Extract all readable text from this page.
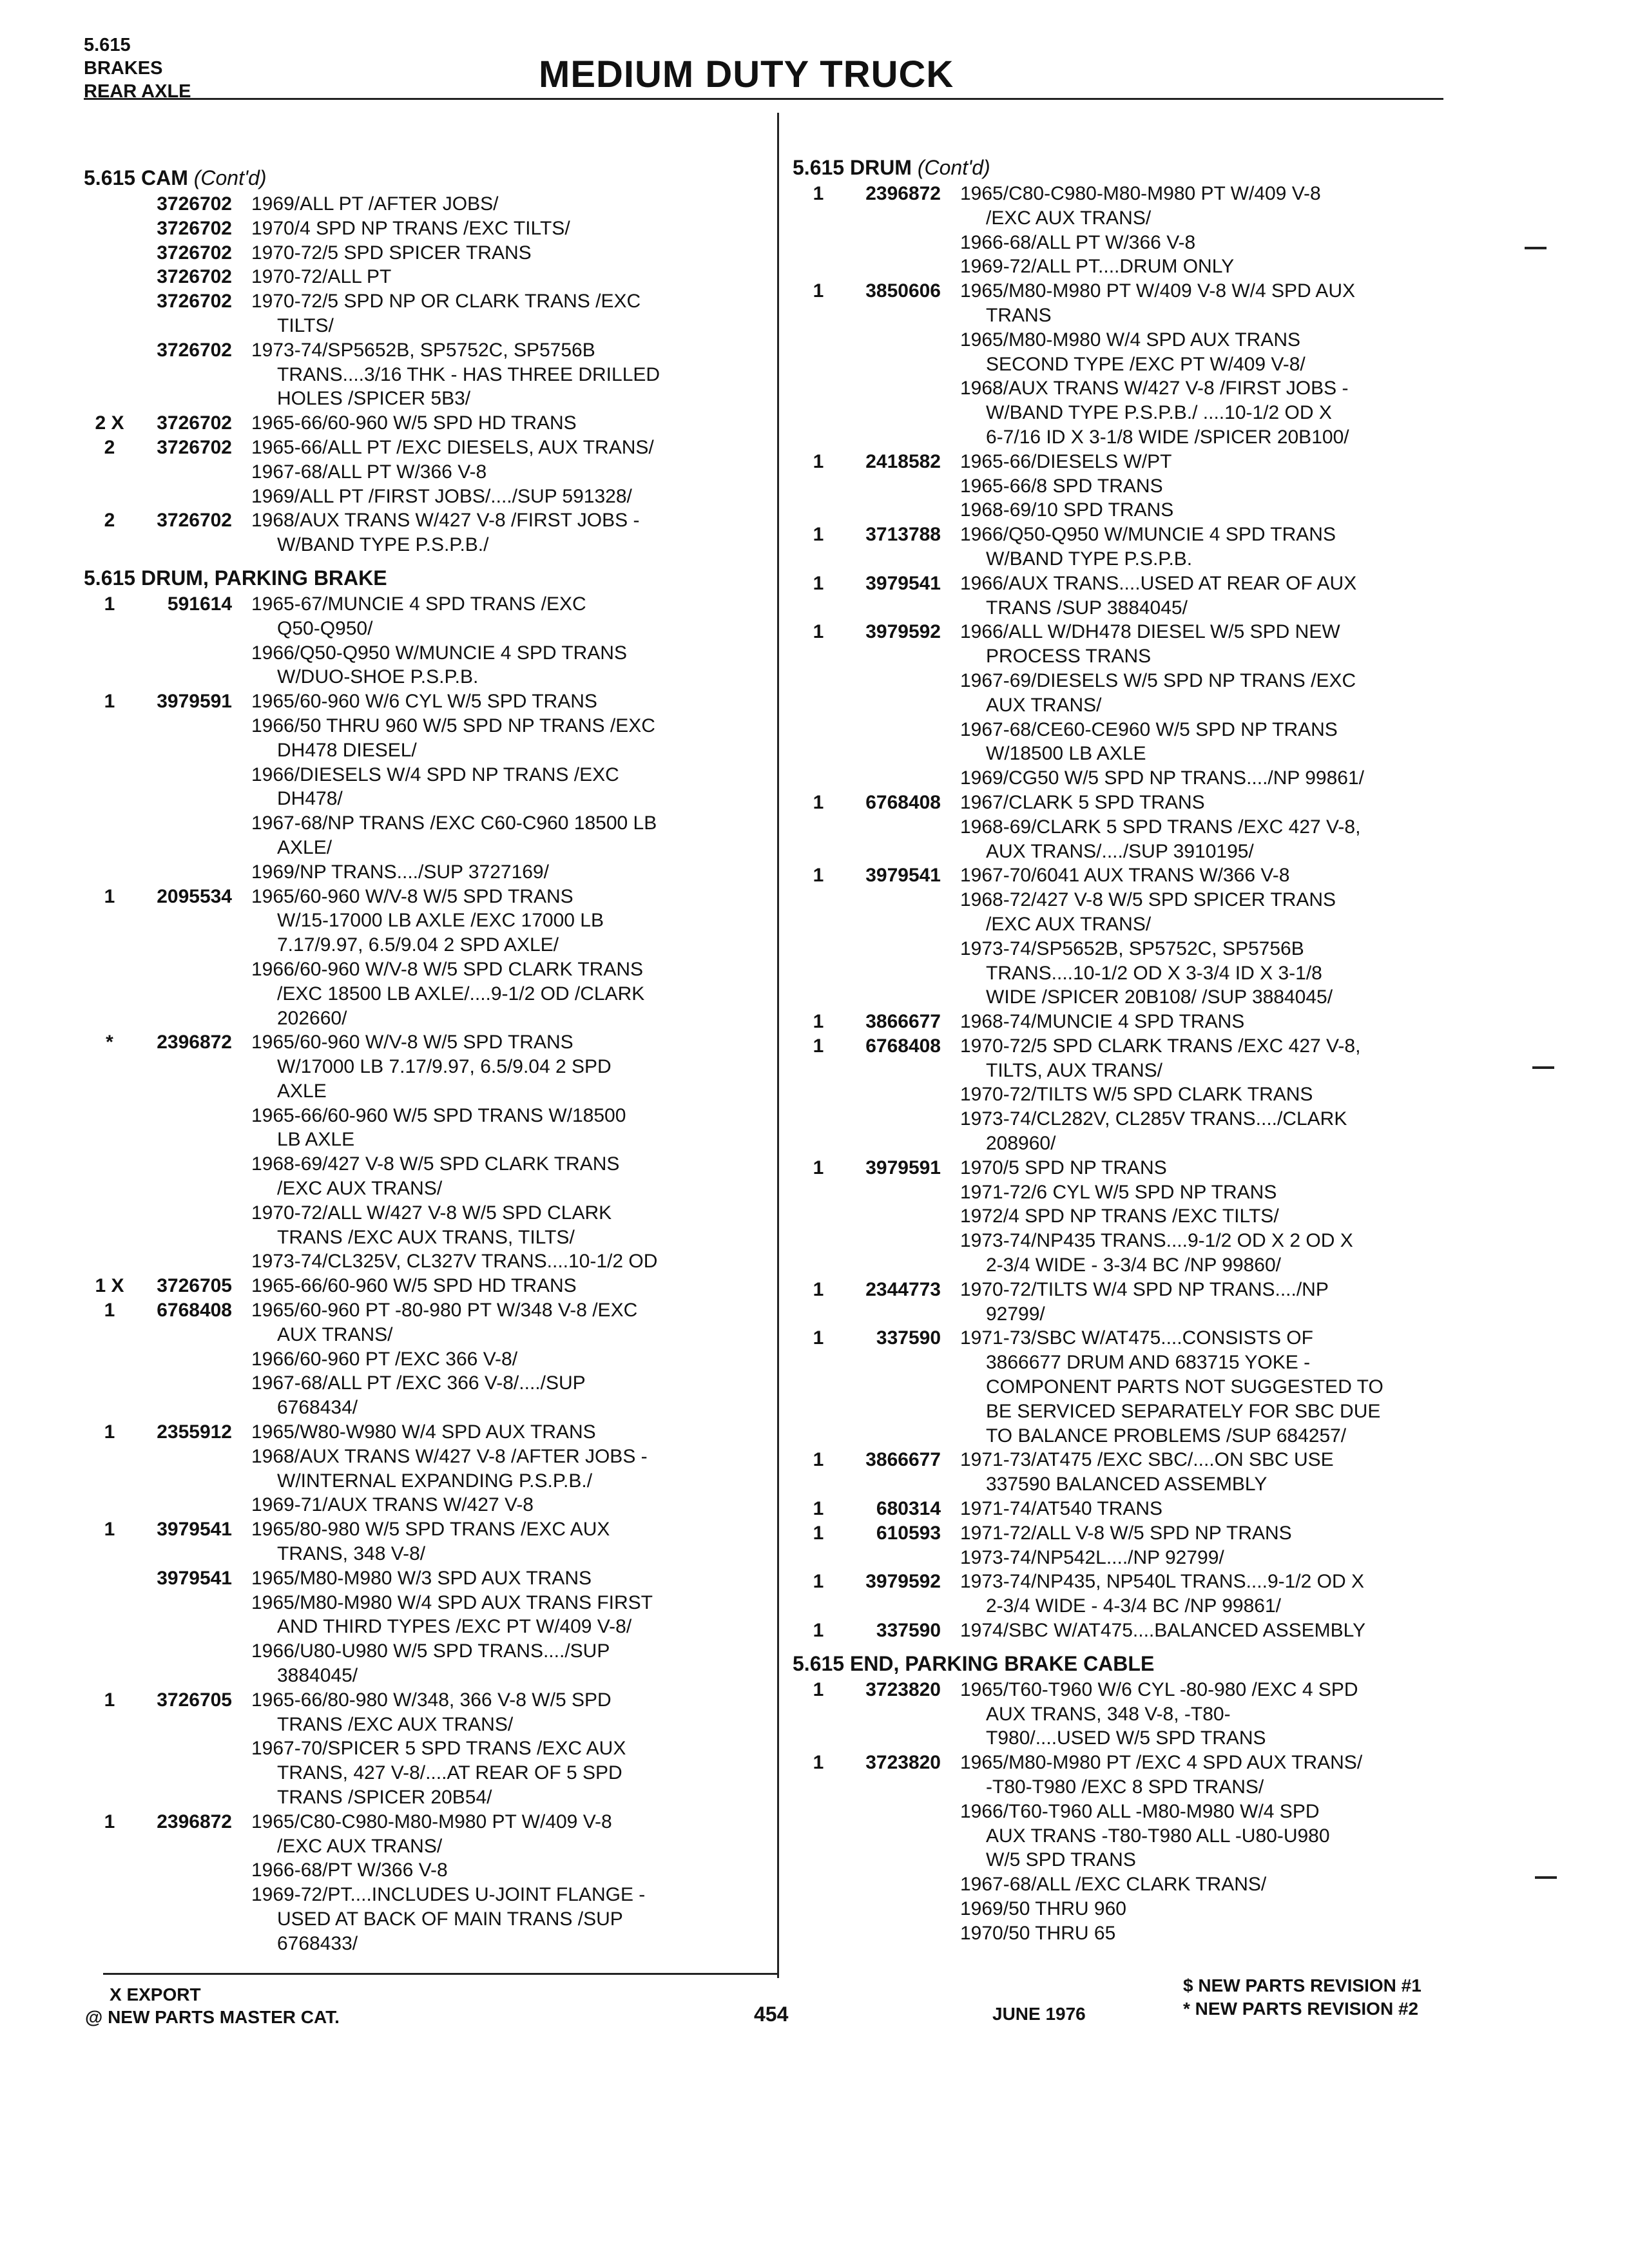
5.615
BRAKES
REAR AXLE	MEDIUM DUTY TRUCK
5.615 CAM (Cont'd)
3726702	1969/ALL PT /AFTER JOBS/
3726702	1970/4 SPD NP TRANS /EXC TILTS/
3726702	1970-72/5 SPD SPICER TRANS
3726702	1970-72/ALL PT
3726702	1970-72/5 SPD NP OR CLARK TRANS /EXC
TILTS/
3726702	1973-74/SP5652B, SP5752C, SP5756B
TRANS....3/16 THK - HAS THREE DRILLED
HOLES /SPICER 5B3/
2 X	3726702	1965-66/60-960 W/5 SPD HD TRANS
2	3726702	1965-66/ALL PT /EXC DIESELS, AUX TRANS/
1967-68/ALL PT W/366 V-8
1969/ALL PT /FIRST JOBS/..../SUP 591328/
2	3726702	1968/AUX TRANS W/427 V-8 /FIRST JOBS -
W/BAND TYPE P.S.P.B./
5.615 DRUM, PARKING BRAKE
1	591614	1965-67/MUNCIE 4 SPD TRANS /EXC
Q50-Q950/
1966/Q50-Q950 W/MUNCIE 4 SPD TRANS
W/DUO-SHOE P.S.P.B.
1	3979591	1965/60-960 W/6 CYL W/5 SPD TRANS
1966/50 THRU 960 W/5 SPD NP TRANS /EXC
DH478 DIESEL/
1966/DIESELS W/4 SPD NP TRANS /EXC
DH478/
1967-68/NP TRANS /EXC C60-C960 18500 LB
AXLE/
1969/NP TRANS..../SUP 3727169/
1	2095534	1965/60-960 W/V-8 W/5 SPD TRANS
W/15-17000 LB AXLE /EXC 17000 LB
7.17/9.97, 6.5/9.04 2 SPD AXLE/
1966/60-960 W/V-8 W/5 SPD CLARK TRANS
/EXC 18500 LB AXLE/....9-1/2 OD /CLARK
202660/
*	2396872	1965/60-960 W/V-8 W/5 SPD TRANS
W/17000 LB 7.17/9.97, 6.5/9.04 2 SPD
AXLE
1965-66/60-960 W/5 SPD TRANS W/18500
LB AXLE
1968-69/427 V-8 W/5 SPD CLARK TRANS
/EXC AUX TRANS/
1970-72/ALL W/427 V-8 W/5 SPD CLARK
TRANS /EXC AUX TRANS, TILTS/
1973-74/CL325V, CL327V TRANS....10-1/2 OD
1 X	3726705	1965-66/60-960 W/5 SPD HD TRANS
1	6768408	1965/60-960 PT -80-980 PT W/348 V-8 /EXC
AUX TRANS/
1966/60-960 PT /EXC 366 V-8/
1967-68/ALL PT /EXC 366 V-8/..../SUP
6768434/
1	2355912	1965/W80-W980 W/4 SPD AUX TRANS
1968/AUX TRANS W/427 V-8 /AFTER JOBS -
W/INTERNAL EXPANDING P.S.P.B./
1969-71/AUX TRANS W/427 V-8
1	3979541	1965/80-980 W/5 SPD TRANS /EXC AUX
TRANS, 348 V-8/
3979541	1965/M80-M980 W/3 SPD AUX TRANS
1965/M80-M980 W/4 SPD AUX TRANS FIRST
AND THIRD TYPES /EXC PT W/409 V-8/
1966/U80-U980 W/5 SPD TRANS..../SUP
3884045/
1	3726705	1965-66/80-980 W/348, 366 V-8 W/5 SPD
TRANS /EXC AUX TRANS/
1967-70/SPICER 5 SPD TRANS /EXC AUX
TRANS, 427 V-8/....AT REAR OF 5 SPD
TRANS /SPICER 20B54/
1	2396872	1965/C80-C980-M80-M980 PT W/409 V-8
/EXC AUX TRANS/
1966-68/PT W/366 V-8
1969-72/PT....INCLUDES U-JOINT FLANGE -
USED AT BACK OF MAIN TRANS /SUP
6768433/
5.615 DRUM (Cont'd)
1	2396872	1965/C80-C980-M80-M980 PT W/409 V-8
/EXC AUX TRANS/
1966-68/ALL PT W/366 V-8
1969-72/ALL PT....DRUM ONLY
1	3850606	1965/M80-M980 PT W/409 V-8 W/4 SPD AUX
TRANS
1965/M80-M980 W/4 SPD AUX TRANS
SECOND TYPE /EXC PT W/409 V-8/
1968/AUX TRANS W/427 V-8 /FIRST JOBS -
W/BAND TYPE P.S.P.B./ ....10-1/2 OD X
6-7/16 ID X 3-1/8 WIDE /SPICER 20B100/
1	2418582	1965-66/DIESELS W/PT
1965-66/8 SPD TRANS
1968-69/10 SPD TRANS
1	3713788	1966/Q50-Q950 W/MUNCIE 4 SPD TRANS
W/BAND TYPE P.S.P.B.
1	3979541	1966/AUX TRANS....USED AT REAR OF AUX
TRANS /SUP 3884045/
1	3979592	1966/ALL W/DH478 DIESEL W/5 SPD NEW
PROCESS TRANS
1967-69/DIESELS W/5 SPD NP TRANS /EXC
AUX TRANS/
1967-68/CE60-CE960 W/5 SPD NP TRANS
W/18500 LB AXLE
1969/CG50 W/5 SPD NP TRANS..../NP 99861/
1	6768408	1967/CLARK 5 SPD TRANS
1968-69/CLARK 5 SPD TRANS /EXC 427 V-8,
AUX TRANS/..../SUP 3910195/
1	3979541	1967-70/6041 AUX TRANS W/366 V-8
1968-72/427 V-8 W/5 SPD SPICER TRANS
/EXC AUX TRANS/
1973-74/SP5652B, SP5752C, SP5756B
TRANS....10-1/2 OD X 3-3/4 ID X 3-1/8
WIDE /SPICER 20B108/ /SUP 3884045/
1	3866677	1968-74/MUNCIE 4 SPD TRANS
1	6768408	1970-72/5 SPD CLARK TRANS /EXC 427 V-8,
TILTS, AUX TRANS/
1970-72/TILTS W/5 SPD CLARK TRANS
1973-74/CL282V, CL285V TRANS..../CLARK
208960/
1	3979591	1970/5 SPD NP TRANS
1971-72/6 CYL W/5 SPD NP TRANS
1972/4 SPD NP TRANS /EXC TILTS/
1973-74/NP435 TRANS....9-1/2 OD X 2 OD X
2-3/4 WIDE - 3-3/4 BC /NP 99860/
1	2344773	1970-72/TILTS W/4 SPD NP TRANS..../NP
92799/
1	337590	1971-73/SBC W/AT475....CONSISTS OF
3866677 DRUM AND 683715 YOKE -
COMPONENT PARTS NOT SUGGESTED TO
BE SERVICED SEPARATELY FOR SBC DUE
TO BALANCE PROBLEMS /SUP 684257/
1	3866677	1971-73/AT475 /EXC SBC/....ON SBC USE
337590 BALANCED ASSEMBLY
1	680314	1971-74/AT540 TRANS
1	610593	1971-72/ALL V-8 W/5 SPD NP TRANS
1973-74/NP542L..../NP 92799/
1	3979592	1973-74/NP435, NP540L TRANS....9-1/2 OD X
2-3/4 WIDE - 4-3/4 BC /NP 99861/
1	337590	1974/SBC W/AT475....BALANCED ASSEMBLY
5.615 END, PARKING BRAKE CABLE
1	3723820	1965/T60-T960 W/6 CYL -80-980 /EXC 4 SPD
AUX TRANS, 348 V-8, -T80-
T980/....USED W/5 SPD TRANS
1	3723820	1965/M80-M980 PT /EXC 4 SPD AUX TRANS/
-T80-T980 /EXC 8 SPD TRANS/
1966/T60-T960 ALL -M80-M980 W/4 SPD
AUX TRANS -T80-T980 ALL -U80-U980
W/5 SPD TRANS
1967-68/ALL /EXC CLARK TRANS/
1969/50 THRU 960
1970/50 THRU 65
X EXPORT
@ NEW PARTS MASTER CAT.	454	JUNE 1976
$ NEW PARTS REVISION #1
* NEW PARTS REVISION #2
